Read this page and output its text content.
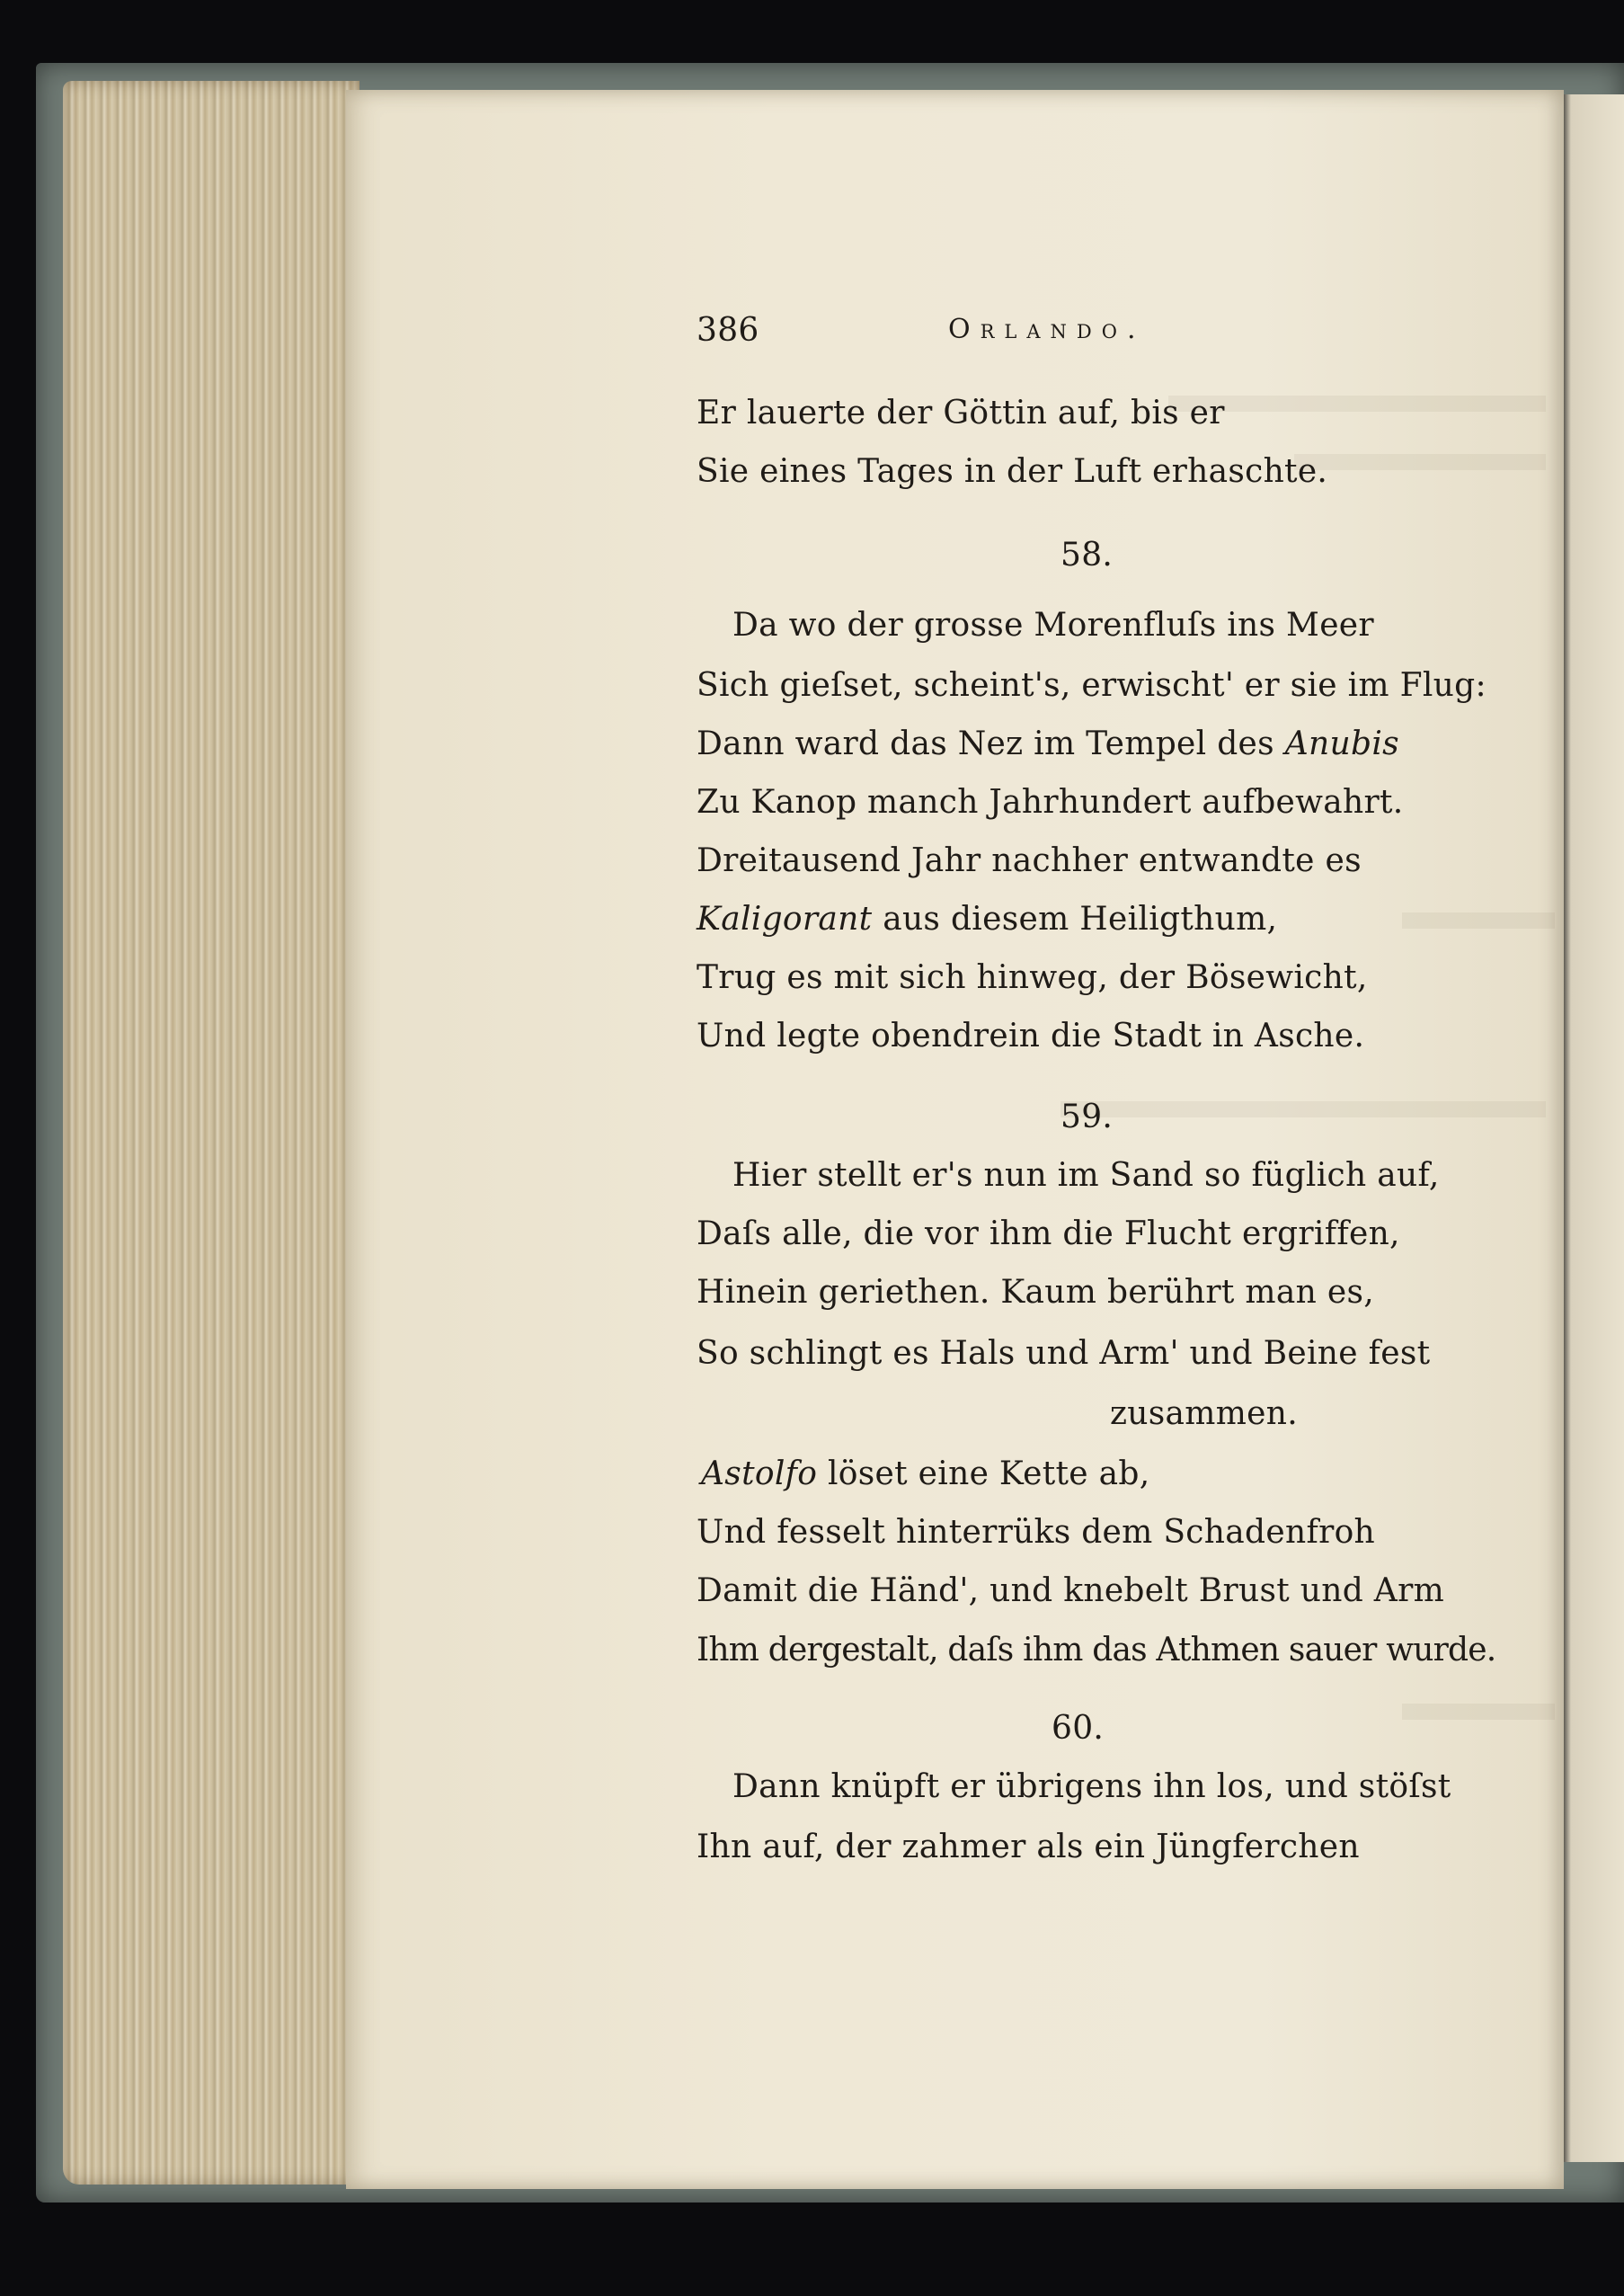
386	Orlando.
Er lauerte der Göttin auf, bis er
Sie eines Tages in der Luft erhaschte.
58.
Da wo der grosse Morenfluſs ins Meer
Sich gieſset, scheint's, erwischt' er sie im Flug:
Dann ward das Nez im Tempel des Anubis
Zu Kanop manch Jahrhundert aufbewahrt.
Dreitausend Jahr nachher entwandte es
Kaligorant aus diesem Heiligthum,
Trug es mit sich hinweg, der Bösewicht,
Und legte obendrein die Stadt in Asche.
59.
Hier stellt er's nun im Sand so füglich auf,
Daſs alle, die vor ihm die Flucht ergriffen,
Hinein geriethen. Kaum berührt man es,
So schlingt es Hals und Arm' und Beine fest
zusammen.
Astolfo löset eine Kette ab,
Und fesselt hinterrüks dem Schadenfroh
Damit die Händ', und knebelt Brust und Arm
Ihm dergestalt, daſs ihm das Athmen sauer wurde.
60.
Dann knüpft er übrigens ihn los, und stöſst
Ihn auf, der zahmer als ein Jüngferchen
